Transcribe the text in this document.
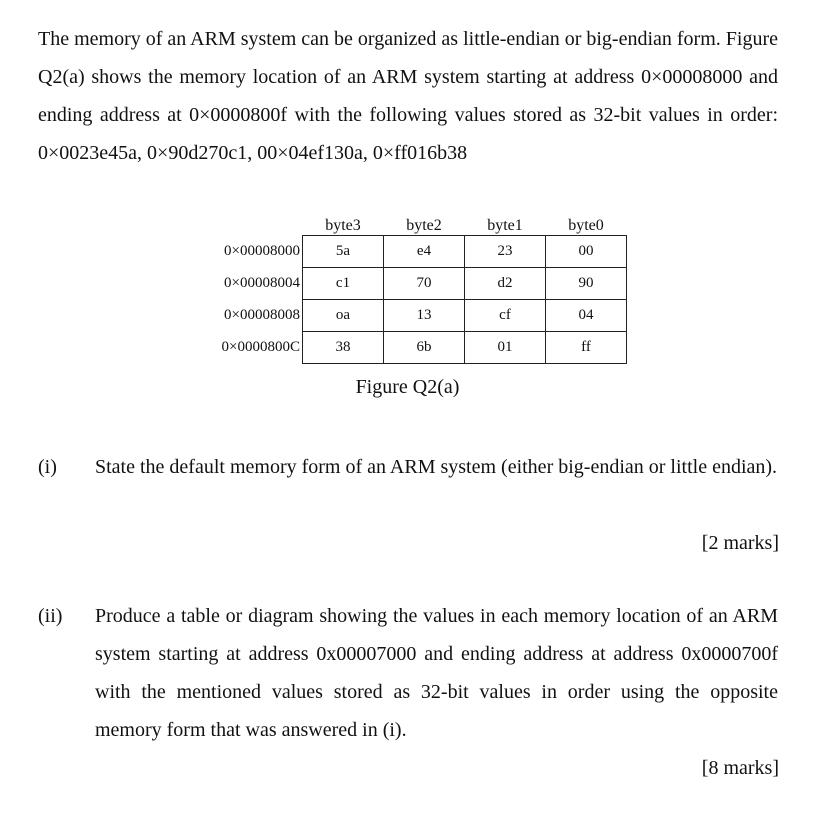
The memory of an ARM system can be organized as little-endian or big-endian form. Figure Q2(a) shows the memory location of an ARM system starting at address 0×00008000 and ending address at 0×0000800f with the following values stored as 32-bit values in order: 0×0023e45a, 0×90d270c1, 00×04ef130a, 0×ff016b38

	byte3	byte2	byte1	byte0
0×00008000	5a	e4	23	00
0×00008004	c1	70	d2	90
0×00008008	oa	13	cf	04
0×0000800C	38	6b	01	ff

Figure Q2(a)

(i) State the default memory form of an ARM system (either big-endian or little endian).

[2 marks]
(ii) Produce a table or diagram showing the values in each memory location of an ARM system starting at address 0x00007000 and ending address at address 0x0000700f with the mentioned values stored as 32-bit values in order using the opposite memory form that was answered in (i).

[8 marks]
